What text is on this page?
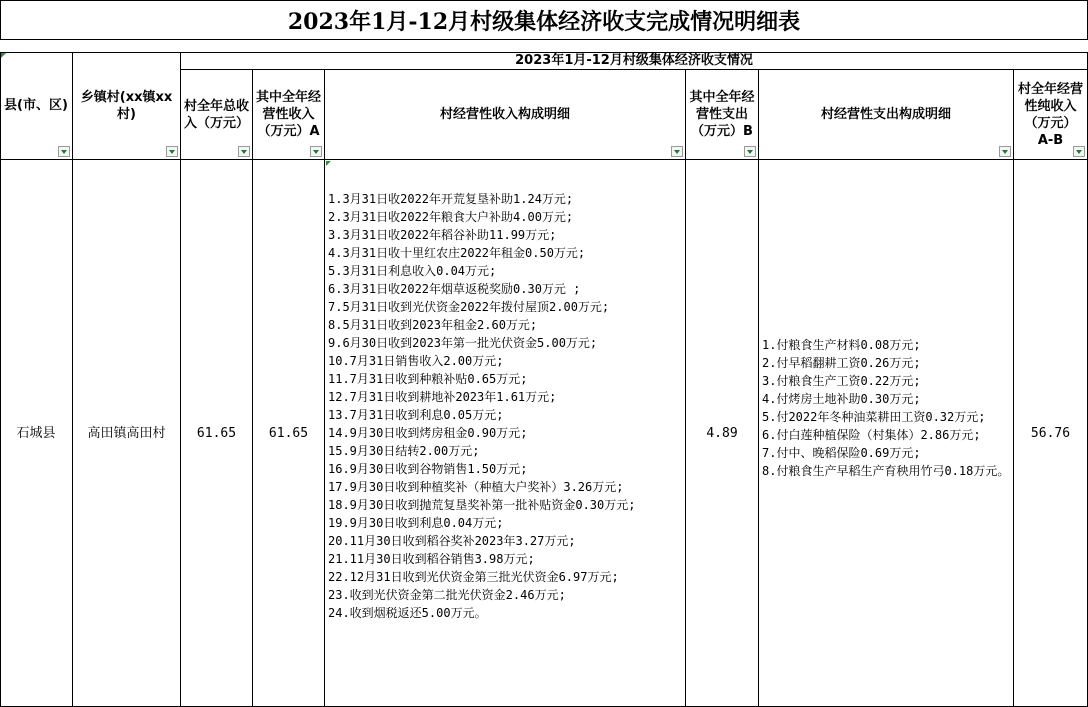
2023年1月-12月村级集体经济收支完成情况明细表
县(市、区)
乡镇村(xx镇xx村)
2023年1月-12月村级集体经济收支情况
村全年总收入（万元）
其中全年经营性收入（万元）A
村经营性收入构成明细
其中全年经营性支出（万元）B
村经营性支出构成明细
村全年经营性纯收入（万元）A-B
石城县 高田镇高田村 61.65	61.65
1.3月31日收2022年开荒复垦补助1.24万元;
2.3月31日收2022年粮食大户补助4.00万元;
3.3月31日收2022年稻谷补助11.99万元;
4.3月31日收十里红农庄2022年租金0.50万元;
5.3月31日利息收入0.04万元;
6.3月31日收2022年烟草返税奖励0.30万元 ;
7.5月31日收到光伏资金2022年拨付屋顶2.00万元;
8.5月31日收到2023年租金2.60万元;
9.6月30日收到2023年第一批光伏资金5.00万元;
10.7月31日销售收入2.00万元;
11.7月31日收到种粮补贴0.65万元;
12.7月31日收到耕地补2023年1.61万元;
13.7月31日收到利息0.05万元;
14.9月30日收到烤房租金0.90万元;
15.9月30日结转2.00万元;
16.9月30日收到谷物销售1.50万元;
17.9月30日收到种植奖补（种植大户奖补）3.26万元;
18.9月30日收到抛荒复垦奖补第一批补贴资金0.30万元;
19.9月30日收到利息0.04万元;
20.11月30日收到稻谷奖补2023年3.27万元;
21.11月30日收到稻谷销售3.98万元;
22.12月31日收到光伏资金第三批光伏资金6.97万元;
23.收到光伏资金第二批光伏资金2.46万元;
24.收到烟税返还5.00万元。
4.89
1.付粮食生产材料0.08万元;
2.付早稻翻耕工资0.26万元;
3.付粮食生产工资0.22万元;
4.付烤房土地补助0.30万元;
5.付2022年冬种油菜耕田工资0.32万元;
6.付白莲种植保险（村集体）2.86万元;
7.付中、晚稻保险0.69万元;
8.付粮食生产早稻生产育秧用竹弓0.18万元。
56.76
